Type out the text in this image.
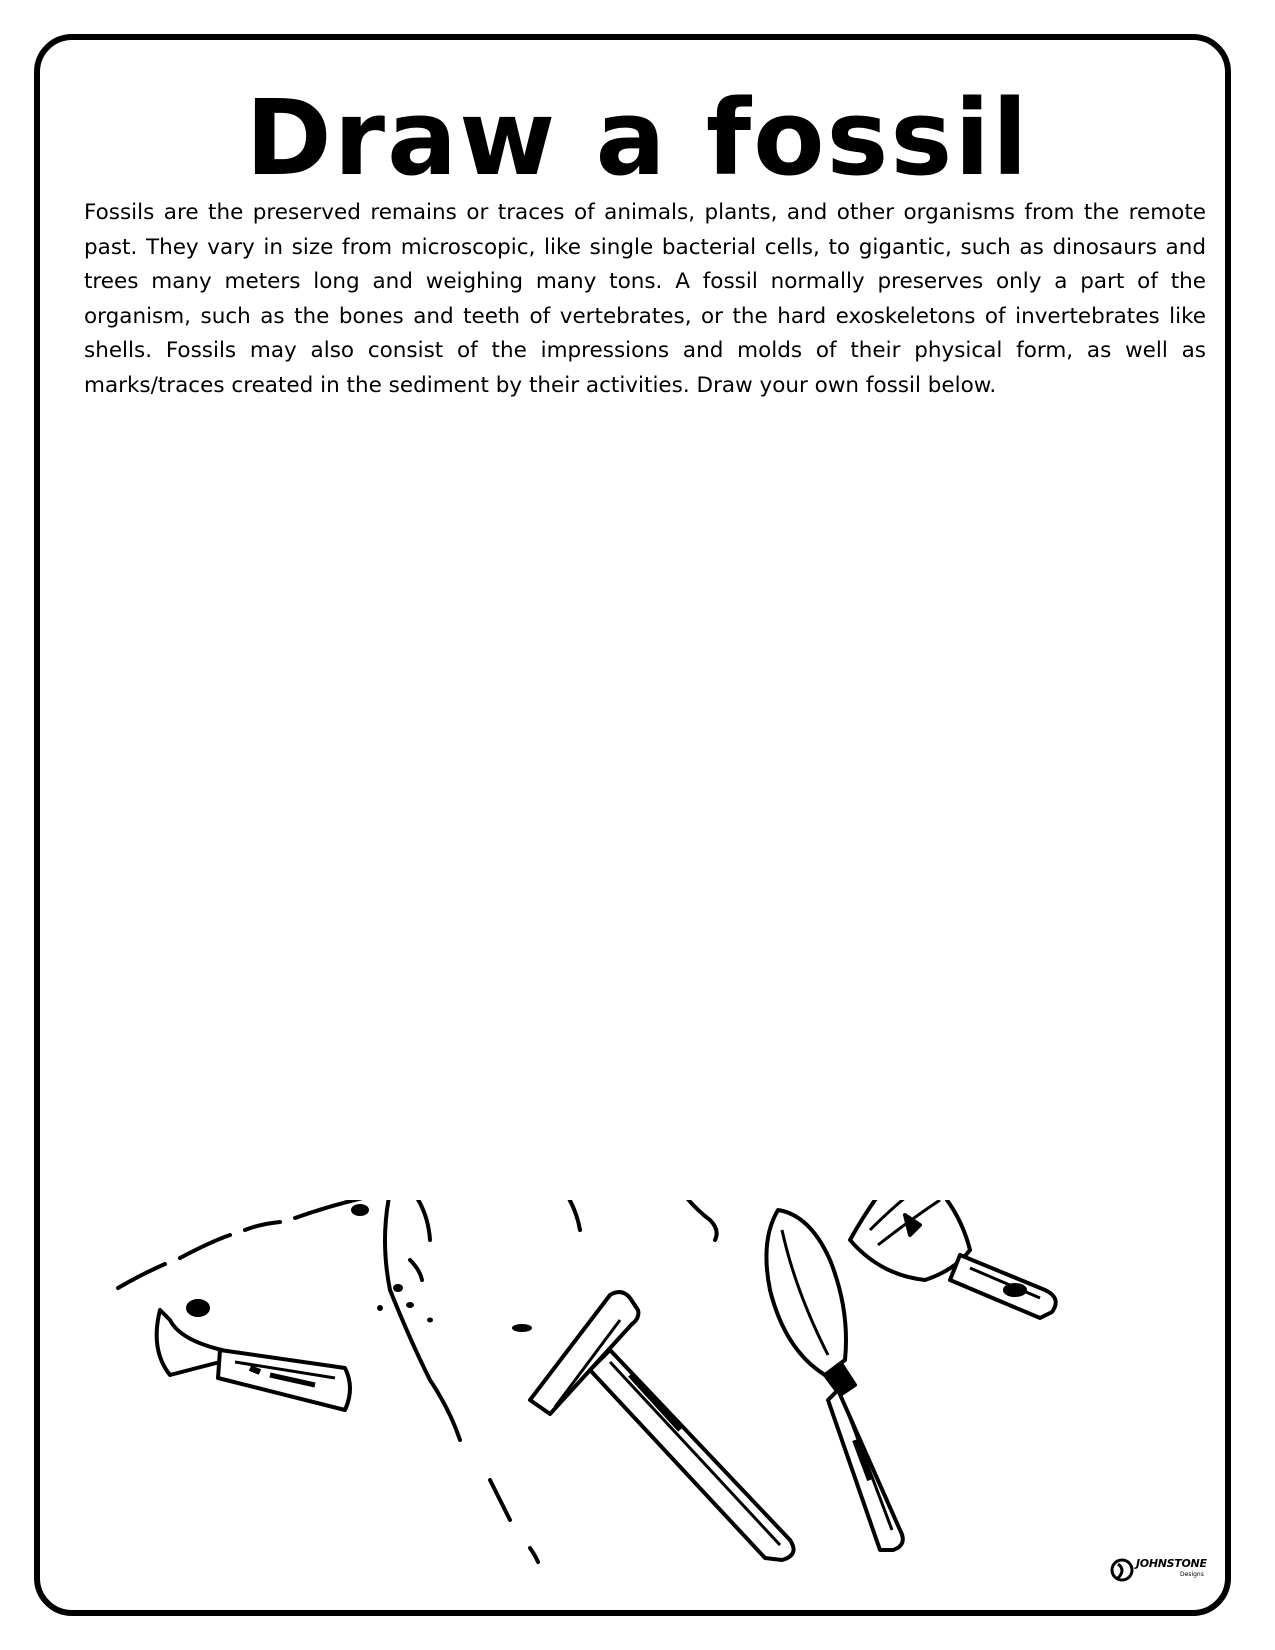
Draw a fossil

Fossils are the preserved remains or traces of animals, plants, and other organisms from the remote past. They vary in size from microscopic, like single bacterial cells, to gigantic, such as dinosaurs and trees many meters long and weighing many tons. A fossil normally preserves only a part of the organism, such as the bones and teeth of vertebrates, or the hard exoskeletons of invertebrates like shells. Fossils may also consist of the impressions and molds of their physical form, as well as marks/traces created in the sediment by their activities. Draw your own fossil below.

JOHNSTONE
Designs
